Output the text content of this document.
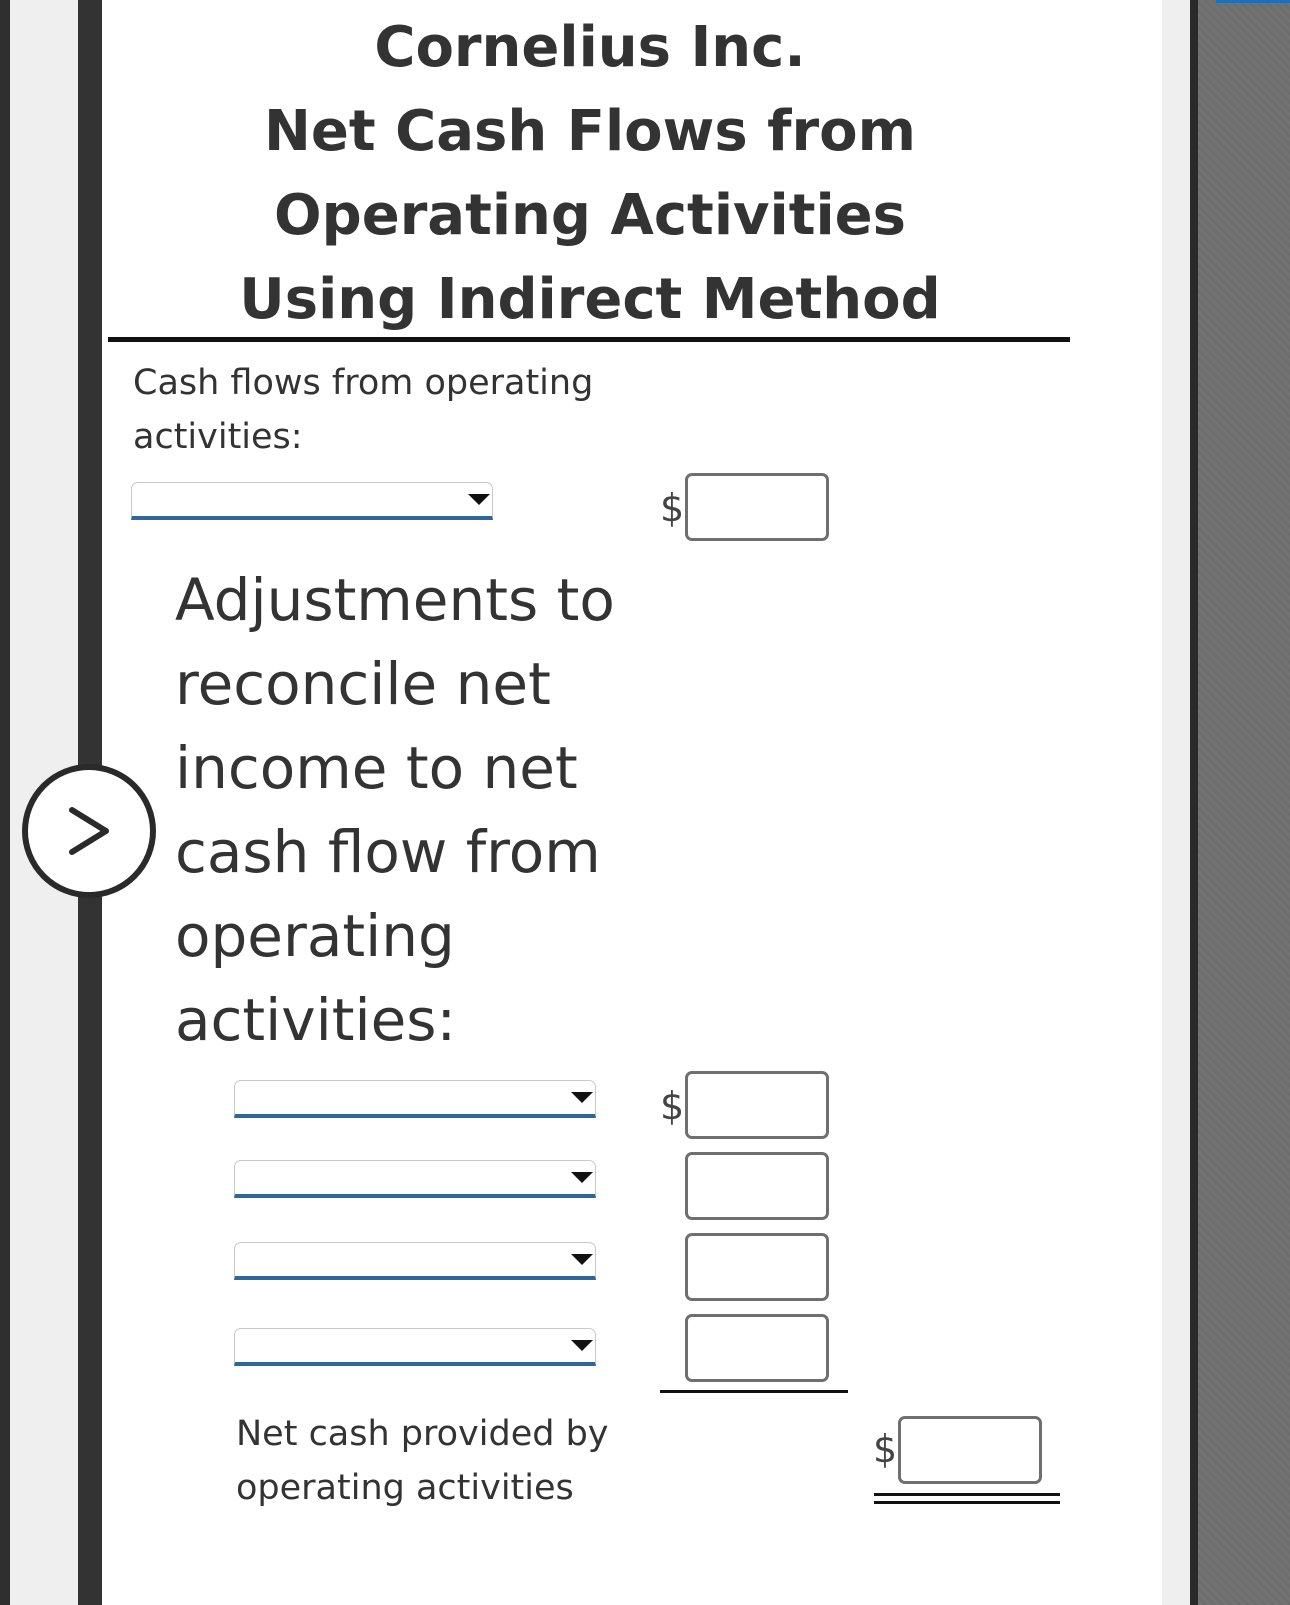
Cornelius Inc.
Net Cash Flows from
Operating Activities
Using Indirect Method
Cash flows from operating activities:
$
Adjustments to reconcile net income to net cash flow from operating activities:
$
Net cash provided by operating activities
$
